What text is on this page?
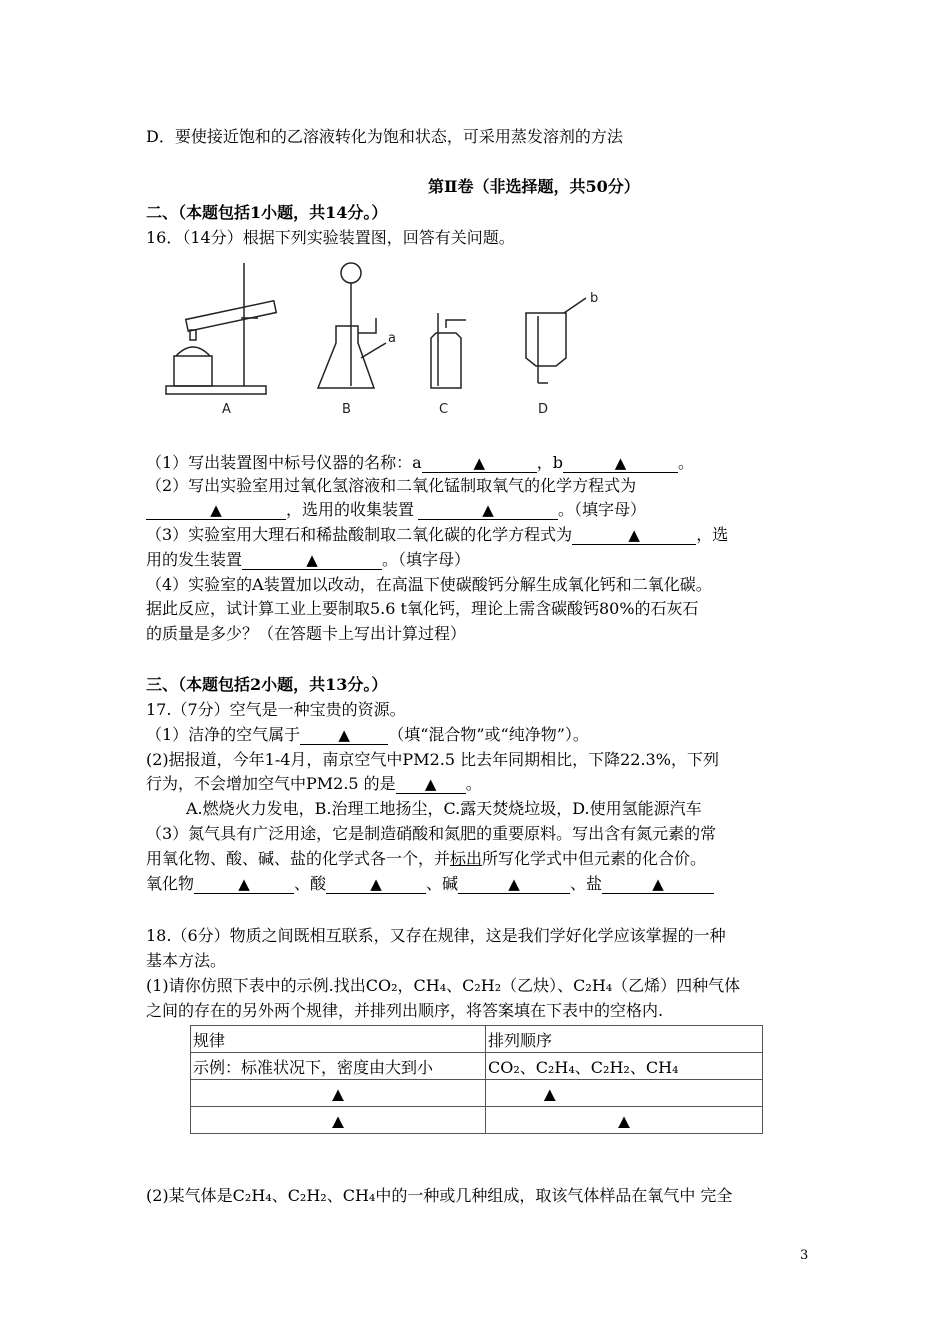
D．要使接近饱和的乙溶液转化为饱和状态，可采用蒸发溶剂的方法
第Ⅱ卷（非选择题，共50分）
二、（本题包括1小题，共14分。）
16．（14分）根据下列实验装置图，回答有关问题。
A	B	C	D
a
b
（1）写出装置图中标号仪器的名称：a	▲	，b	▲	。
（2）写出实验室用过氧化氢溶液和二氧化锰制取氧气的化学方程式为
▲	，选用的收集装置	▲	。（填字母）
（3）实验室用大理石和稀盐酸制取二氧化碳的化学方程式为	▲	，选
用的发生装置	▲	。（填字母）
（4）实验室的A装置加以改动，在高温下使碳酸钙分解生成氧化钙和二氧化碳。
据此反应，试计算工业上要制取5.6 t氧化钙，理论上需含碳酸钙80%的石灰石
的质量是多少？（在答题卡上写出计算过程）
三、（本题包括2小题，共13分。）
17.（7分）空气是一种宝贵的资源。
（1）洁净的空气属于	▲ （填“混合物”或“纯净物”）。
(2)据报道，今年1-4月，南京空气中PM2.5 比去年同期相比，下降22.3%，下列
行为，不会增加空气中PM2.5 的是 ▲ 。
A.燃烧火力发电，B.治理工地扬尘，C.露天焚烧垃圾，D.使用氢能源汽车
（3）氮气具有广泛用途，它是制造硝酸和氮肥的重要原料。写出含有氮元素的常
用氧化物、酸、碱、盐的化学式各一个，并标出所写化学式中但元素的化合价。
氧化物	▲	、酸	▲	、碱	▲	、盐	▲
18.（6分）物质之间既相互联系，又存在规律，这是我们学好化学应该掌握的一种
基本方法。
(1)请你仿照下表中的示例.找出CO₂，CH₄、C₂H₂（乙炔）、C₂H₄（乙烯）四种气体
之间的存在的另外两个规律，并排列出顺序，将答案填在下表中的空格内.
规律	排列顺序
示例：标准状况下，密度由大到小	CO₂、C₂H₄、C₂H₂、CH₄
▲	▲
▲	▲
(2)某气体是C₂H₄、C₂H₂、CH₄中的一种或几种组成，取该气体样品在氧气中 完全
3
